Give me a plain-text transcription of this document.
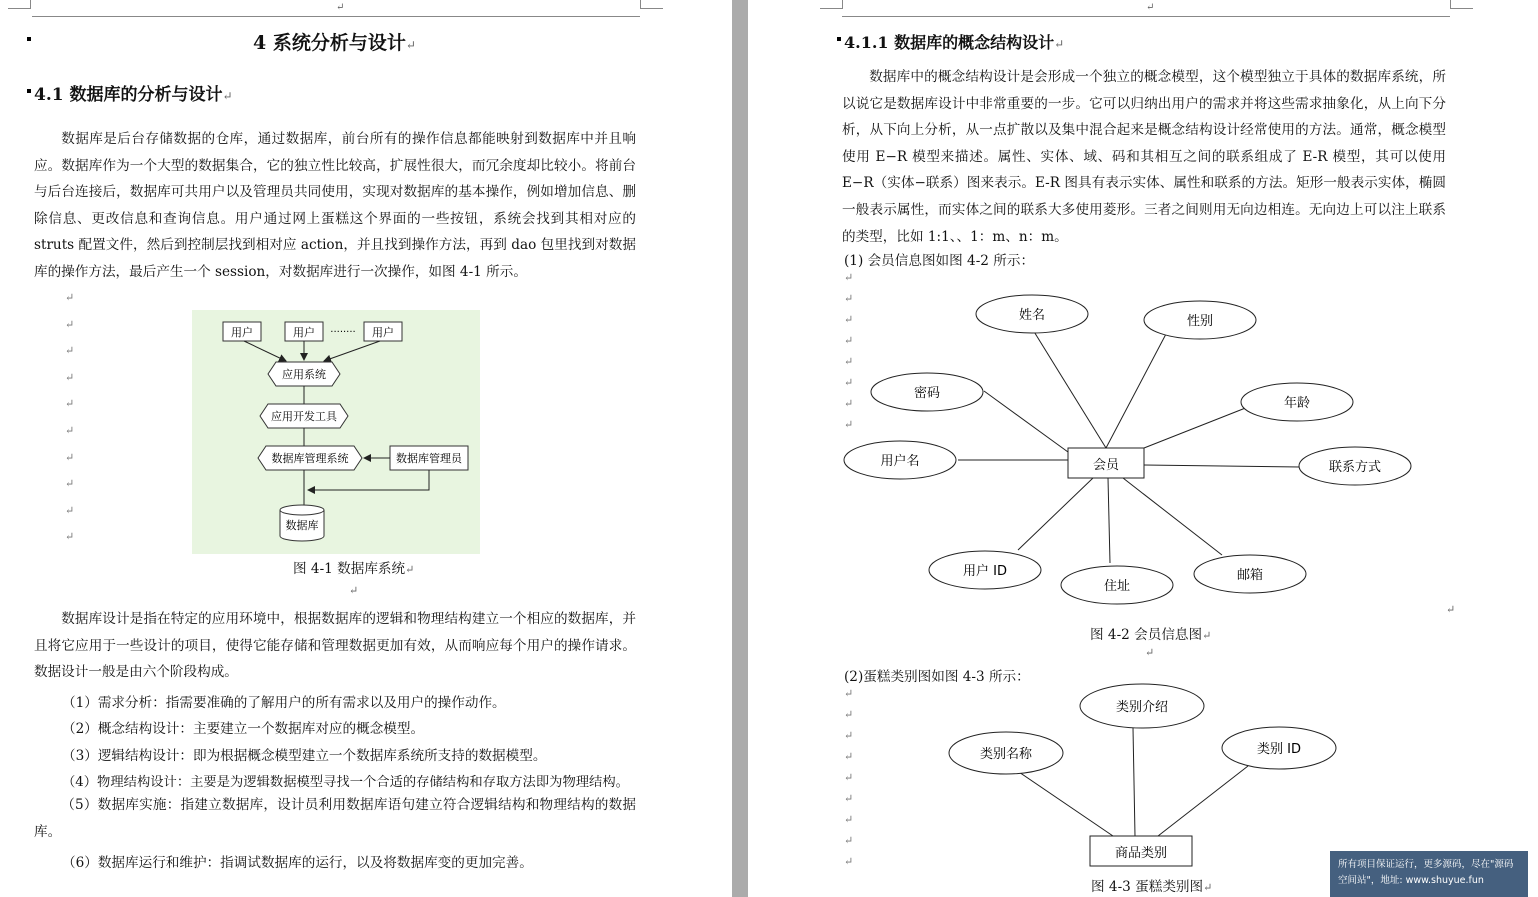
↵
4 系统分析与设计↵
4.1 数据库的分析与设计↵
数据库是后台存储数据的仓库，通过数据库，前台所有的操作信息都能映射到数据库中并且响应。数据库作为一个大型的数据集合，它的独立性比较高，扩展性很大，而冗余度却比较小。将前台与后台连接后，数据库可共用户以及管理员共同使用，实现对数据库的基本操作，例如增加信息、删除信息、更改信息和查询信息。用户通过网上蛋糕这个界面的一些按钮，系统会找到其相对应的 struts 配置文件，然后到控制层找到相对应 action，并且找到操作方法，再到 dao 包里找到对数据库的操作方法，最后产生一个 session，对数据库进行一次操作，如图 4-1 所示。
↵
↵
↵
↵
↵
↵
↵
↵
↵
↵
用户	用户 ········ 用户
应用系统
应用开发工具
数据库管理系统	数据库管理员
数据库
图 4-1 数据库系统↵
↵
数据库设计是指在特定的应用环境中，根据数据库的逻辑和物理结构建立一个相应的数据库，并且将它应用于一些设计的项目，使得它能存储和管理数据更加有效，从而响应每个用户的操作请求。数据设计一般是由六个阶段构成。
（1）需求分析：指需要准确的了解用户的所有需求以及用户的操作动作。
（2）概念结构设计：主要建立一个数据库对应的概念模型。
（3）逻辑结构设计：即为根据概念模型建立一个数据库系统所支持的数据模型。
（4）物理结构设计：主要是为逻辑数据模型寻找一个合适的存储结构和存取方法即为物理结构。
（5）数据库实施：指建立数据库，设计员利用数据库语句建立符合逻辑结构和物理结构的数据库。
（6）数据库运行和维护：指调试数据库的运行，以及将数据库变的更加完善。
↵
4.1.1 数据库的概念结构设计↵
数据库中的概念结构设计是会形成一个独立的概念模型，这个模型独立于具体的数据库系统，所以说它是数据库设计中非常重要的一步。它可以归纳出用户的需求并将这些需求抽象化，从上向下分析，从下向上分析，从一点扩散以及集中混合起来是概念结构设计经常使用的方法。通常，概念模型使用 E−R 模型来描述。属性、实体、域、码和其相互之间的联系组成了 E-R 模型，其可以使用 E−R（实体−联系）图来表示。E-R 图具有表示实体、属性和联系的方法。矩形一般表示实体，椭圆一般表示属性，而实体之间的联系大多使用菱形。三者之间则用无向边相连。无向边上可以注上联系的类型，比如 1:1、、1：m、n：m。
(1) 会员信息图如图 4-2 所示：
↵
↵
↵
↵
↵
↵
↵
↵
会员
姓名	性别
密码
年龄
用户名	联系方式
用户 ID
住址
邮箱
↵
图 4-2 会员信息图↵
↵
(2)蛋糕类别图如图 4-3 所示：
↵
↵
↵
↵
↵
↵
↵
↵
↵
商品类别
类别介绍
类别名称	类别 ID
图 4-3 蛋糕类别图↵
所有项目保证运行，更多源码，尽在"源码
空间站"，地址: www.shuyue.fun
